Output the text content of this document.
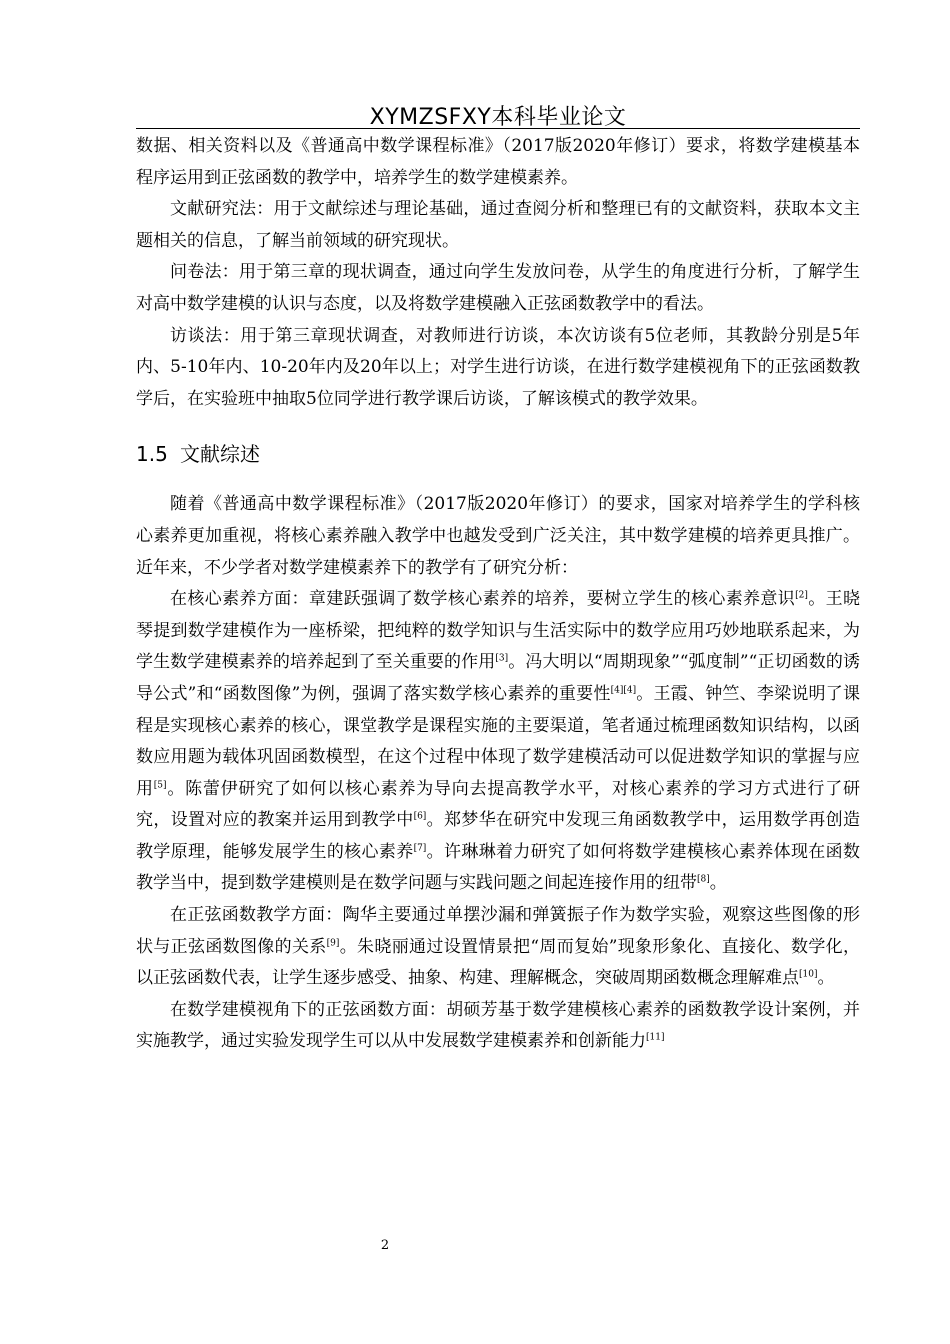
XYMZSFXY本科毕业论文

数据、相关资料以及《普通高中数学课程标准》（2017版2020年修订）要求，将数学建模基本程序运用到正弦函数的教学中，培养学生的数学建模素养。

文献研究法：用于文献综述与理论基础，通过查阅分析和整理已有的文献资料，获取本文主题相关的信息，了解当前领域的研究现状。

问卷法：用于第三章的现状调查，通过向学生发放问卷，从学生的角度进行分析，了解学生对高中数学建模的认识与态度，以及将数学建模融入正弦函数教学中的看法。

访谈法：用于第三章现状调查，对教师进行访谈，本次访谈有5位老师，其教龄分别是5年内、5-10年内、10-20年内及20年以上；对学生进行访谈，在进行数学建模视角下的正弦函数教学后，在实验班中抽取5位同学进行教学课后访谈，了解该模式的教学效果。

1.5 文献综述

随着《普通高中数学课程标准》（2017版2020年修订）的要求，国家对培养学生的学科核心素养更加重视，将核心素养融入教学中也越发受到广泛关注，其中数学建模的培养更具推广。近年来，不少学者对数学建模素养下的教学有了研究分析：

在核心素养方面：章建跃强调了数学核心素养的培养，要树立学生的核心素养意识[2]。王晓琴提到数学建模作为一座桥梁，把纯粹的数学知识与生活实际中的数学应用巧妙地联系起来，为学生数学建模素养的培养起到了至关重要的作用[3]。冯大明以“周期现象”“弧度制”“正切函数的诱导公式”和“函数图像”为例，强调了落实数学核心素养的重要性[4][4]。王霞、钟竺、李梁说明了课程是实现核心素养的核心，课堂教学是课程实施的主要渠道，笔者通过梳理函数知识结构，以函数应用题为载体巩固函数模型，在这个过程中体现了数学建模活动可以促进数学知识的掌握与应用[5]。陈蕾伊研究了如何以核心素养为导向去提高教学水平，对核心素养的学习方式进行了研究，设置对应的教案并运用到教学中[6]。郑梦华在研究中发现三角函数教学中，运用数学再创造教学原理，能够发展学生的核心素养[7]。许琳琳着力研究了如何将数学建模核心素养体现在函数教学当中，提到数学建模则是在数学问题与实践问题之间起连接作用的纽带[8]。

在正弦函数教学方面：陶华主要通过单摆沙漏和弹簧振子作为数学实验，观察这些图像的形状与正弦函数图像的关系[9]。朱晓丽通过设置情景把“周而复始”现象形象化、直接化、数学化，以正弦函数代表，让学生逐步感受、抽象、构建、理解概念，突破周期函数概念理解难点[10]。

在数学建模视角下的正弦函数方面：胡硕芳基于数学建模核心素养的函数教学设计案例，并实施教学，通过实验发现学生可以从中发展数学建模素养和创新能力[11]

2
